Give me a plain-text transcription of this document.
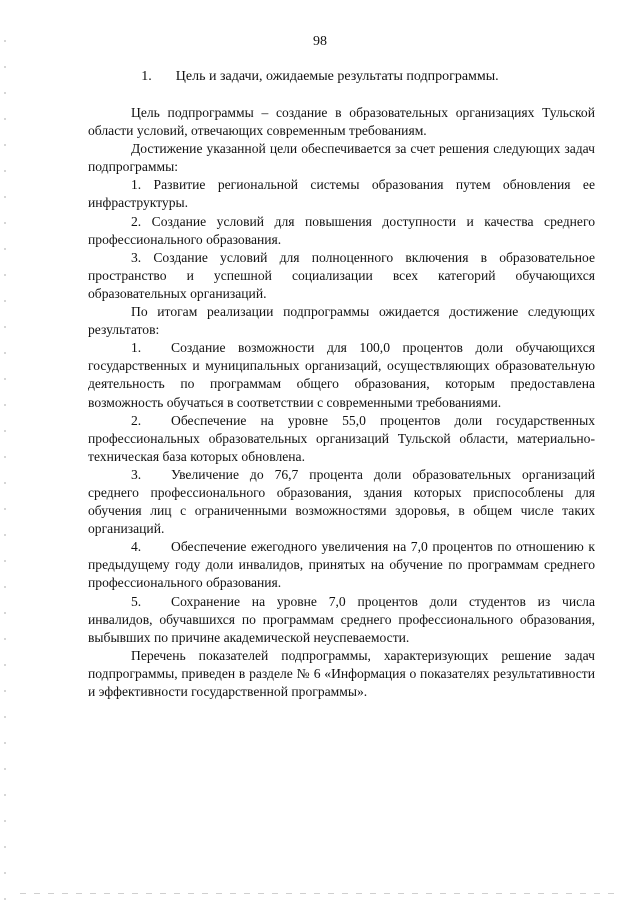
98
1. Цель и задачи, ожидаемые результаты подпрограммы.

Цель подпрограммы – создание в образовательных организациях Тульской области условий, отвечающих современным требованиям.

Достижение указанной цели обеспечивается за счет решения следующих задач подпрограммы:

1. Развитие региональной системы образования путем обновления ее инфраструктуры.

2. Создание условий для повышения доступности и качества среднего профессионального образования.

3. Создание условий для полноценного включения в образовательное пространство и успешной социализации всех категорий обучающихся образовательных организаций.

По итогам реализации подпрограммы ожидается достижение следующих результатов:

1. Создание возможности для 100,0 процентов доли обучающихся государственных и муниципальных организаций, осуществляющих образовательную деятельность по программам общего образования, которым предоставлена возможность обучаться в соответствии с современными требованиями.

2. Обеспечение на уровне 55,0 процентов доли государственных профессиональных образовательных организаций Тульской области, материально-техническая база которых обновлена.

3. Увеличение до 76,7 процента доли образовательных организаций среднего профессионального образования, здания которых приспособлены для обучения лиц с ограниченными возможностями здоровья, в общем числе таких организаций.

4. Обеспечение ежегодного увеличения на 7,0 процентов по отношению к предыдущему году доли инвалидов, принятых на обучение по программам среднего профессионального образования.

5. Сохранение на уровне 7,0 процентов доли студентов из числа инвалидов, обучавшихся по программам среднего профессионального образования, выбывших по причине академической неуспеваемости.

Перечень показателей подпрограммы, характеризующих решение задач подпрограммы, приведен в разделе № 6 «Информация о показателях результативности и эффективности государственной программы».
